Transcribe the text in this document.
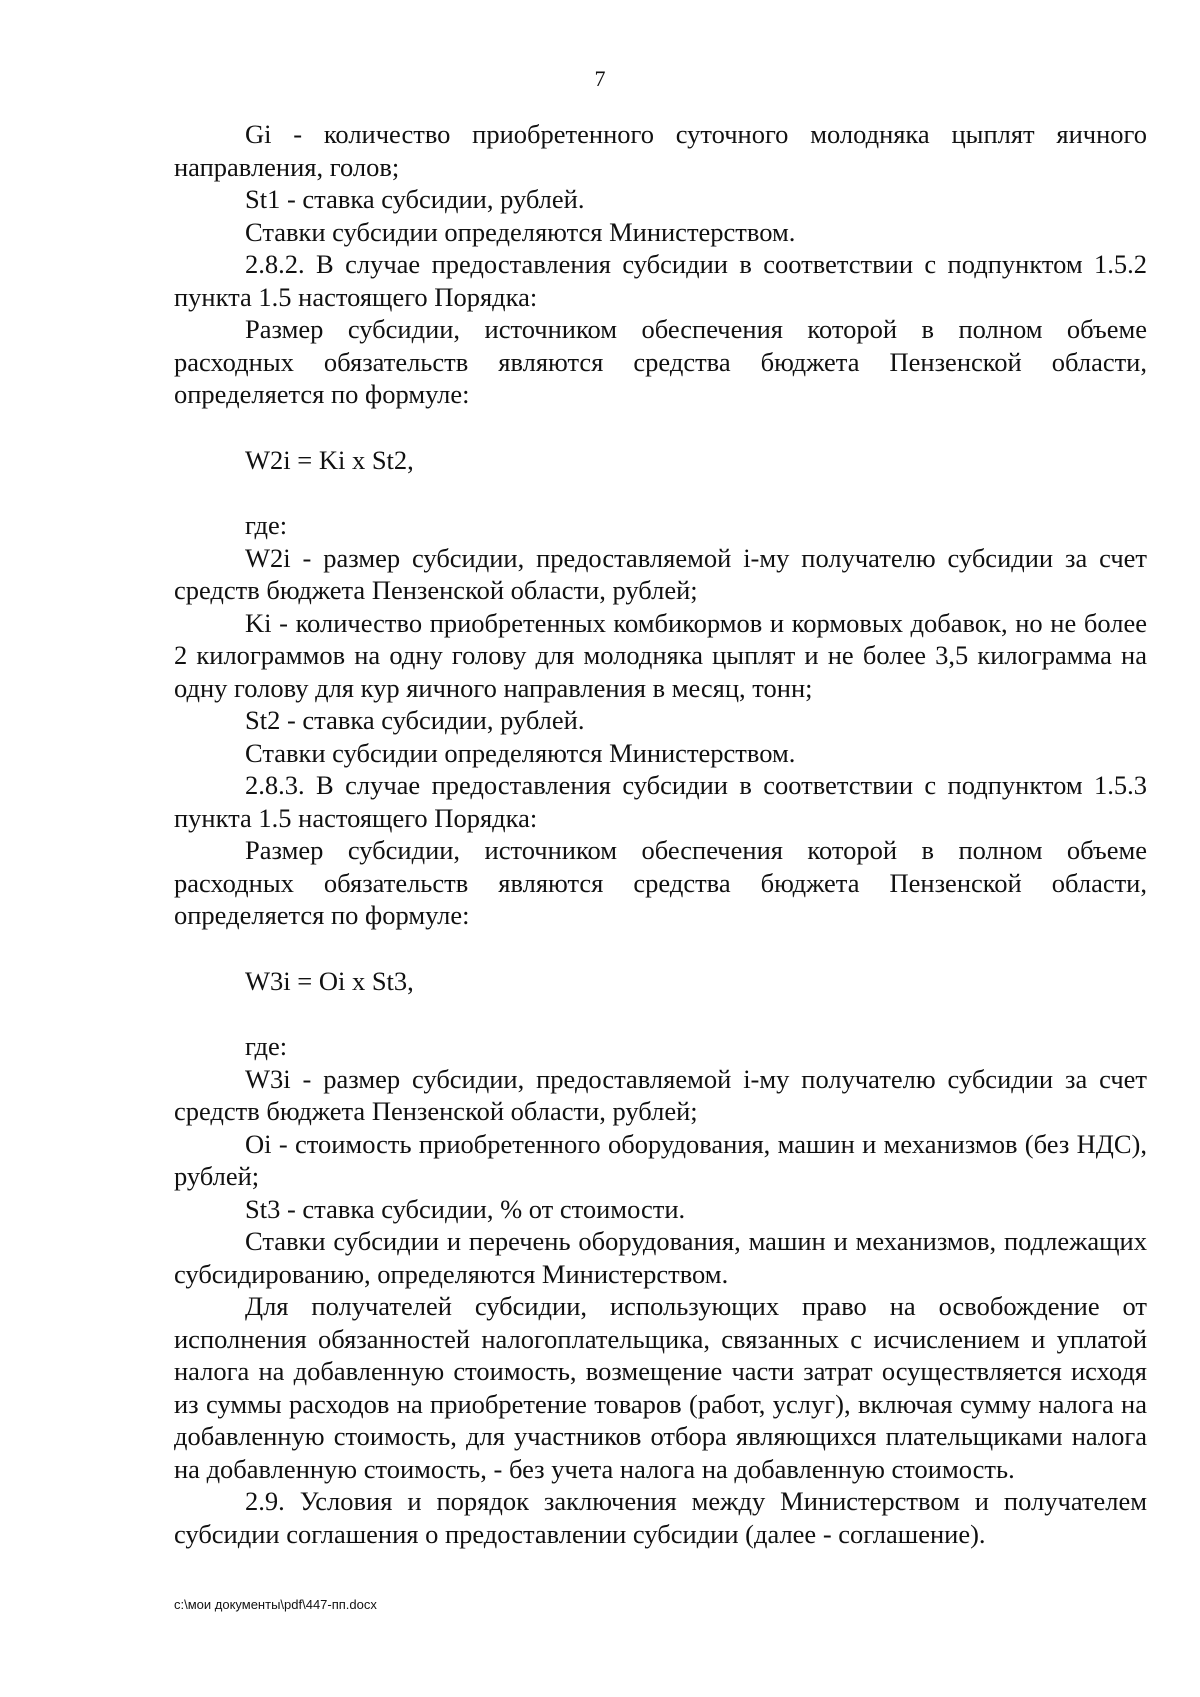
7

Gi - количество приобретенного суточного молодняка цыплят яичного направления, голов;

St1 - ставка субсидии, рублей.

Ставки субсидии определяются Министерством.

2.8.2. В случае предоставления субсидии в соответствии с подпунктом 1.5.2 пункта 1.5 настоящего Порядка:

Размер субсидии, источником обеспечения которой в полном объеме расходных обязательств являются средства бюджета Пензенской области, определяется по формуле:

W2i = Ki x St2,

где:

W2i - размер субсидии, предоставляемой i-му получателю субсидии за счет средств бюджета Пензенской области, рублей;

Ki - количество приобретенных комбикормов и кормовых добавок, но не более 2 килограммов на одну голову для молодняка цыплят и не более 3,5 килограмма на одну голову для кур яичного направления в месяц, тонн;

St2 - ставка субсидии, рублей.

Ставки субсидии определяются Министерством.

2.8.3. В случае предоставления субсидии в соответствии с подпунктом 1.5.3 пункта 1.5 настоящего Порядка:

Размер субсидии, источником обеспечения которой в полном объеме расходных обязательств являются средства бюджета Пензенской области, определяется по формуле:

W3i = Oi x St3,

где:

W3i - размер субсидии, предоставляемой i-му получателю субсидии за счет средств бюджета Пензенской области, рублей;

Oi - стоимость приобретенного оборудования, машин и механизмов (без НДС), рублей;

St3 - ставка субсидии, % от стоимости.

Ставки субсидии и перечень оборудования, машин и механизмов, подлежащих субсидированию, определяются Министерством.

Для получателей субсидии, использующих право на освобождение от исполнения обязанностей налогоплательщика, связанных с исчислением и уплатой налога на добавленную стоимость, возмещение части затрат осуществляется исходя из суммы расходов на приобретение товаров (работ, услуг), включая сумму налога на добавленную стоимость, для участников отбора являющихся плательщиками налога на добавленную стоимость, - без учета налога на добавленную стоимость.

2.9. Условия и порядок заключения между Министерством и получателем субсидии соглашения о предоставлении субсидии (далее - соглашение).

c:\мои документы\pdf\447-пп.docx
